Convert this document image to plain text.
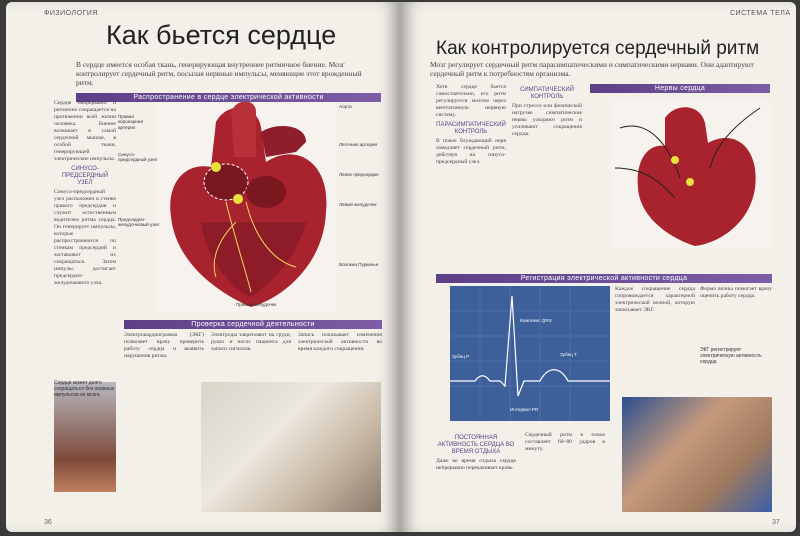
ФИЗИОЛОГИЯ
Как бьется сердце
В сердце имеется особая ткань, генерирующая внутреннее ритмичное биение. Мозг контролирует сердечный ритм, посылая нервные импульсы, меняющие этот врожденный ритм.
Распространение в сердце электрической активности
Сердце непрерывно и ритмично сокращается на протяжении всей жизни человека. Биение возникает в самой сердечной мышце, в особой ткани, генерирующей электрические импульсы.
СИНУСО-ПРЕДСЕРДНЫЙ УЗЕЛ
Синусо-предсердный узел расположен в стенке правого предсердия и служит естественным водителем ритма сердца. Он генерирует импульсы, которые распространяются по стенкам предсердий и заставляют их сокращаться. Затем импульс достигает предсердно-желудочкового узла.
Правая коронарная артерия
Синусо-предсердный узел
Предсердно-желудочковый узел
Аорта
Легочная артерия
Левое предсердие
Левый желудочек
Волокна Пуркинье
Правый желудочек
Проверка сердечной деятельности
Электрокардиограмма (ЭКГ) позволяет врачу проверить работу сердца и выявить нарушения ритма.
Электроды закрепляют на груди, руках и ногах пациента для записи сигналов.
Запись показывает изменения электрической активности во время каждого сокращения.
Сердце может долго сокращаться без нервных импульсов из мозга
36
СИСТЕМА ТЕЛА
Как контролируется сердечный ритм
Мозг регулирует сердечный ритм парасимпатическими и симпатическими нервами. Они адаптируют сердечный ритм к потребностям организма.
Хотя сердце бьется самостоятельно, его ритм регулируется мозгом через вегетативную нервную систему.
ПАРАСИМПАТИЧЕСКИЙ КОНТРОЛЬ
В покое блуждающий нерв замедляет сердечный ритм, действуя на синусо-предсердный узел.
СИМПАТИЧЕСКИЙ КОНТРОЛЬ
При стрессе или физической нагрузке симпатические нервы ускоряют ритм и усиливают сокращения сердца.
Нервы сердца
Регистрация электрической активности сердца
Зубец P
Комплекс QRS
Зубец T
Интервал PR
Каждое сокращение сердца сопровождается характерной электрической волной, которую записывает ЭКГ.
Форма волны помогает врачу оценить работу сердца.
ПОСТОЯННАЯ АКТИВНОСТЬ СЕРДЦА ВО ВРЕМЯ ОТДЫХА
Даже во время отдыха сердце непрерывно перекачивает кровь.
Сердечный ритм в покое составляет 60–80 ударов в минуту.
ЭКГ регистрирует электрическую активность сердца
37
